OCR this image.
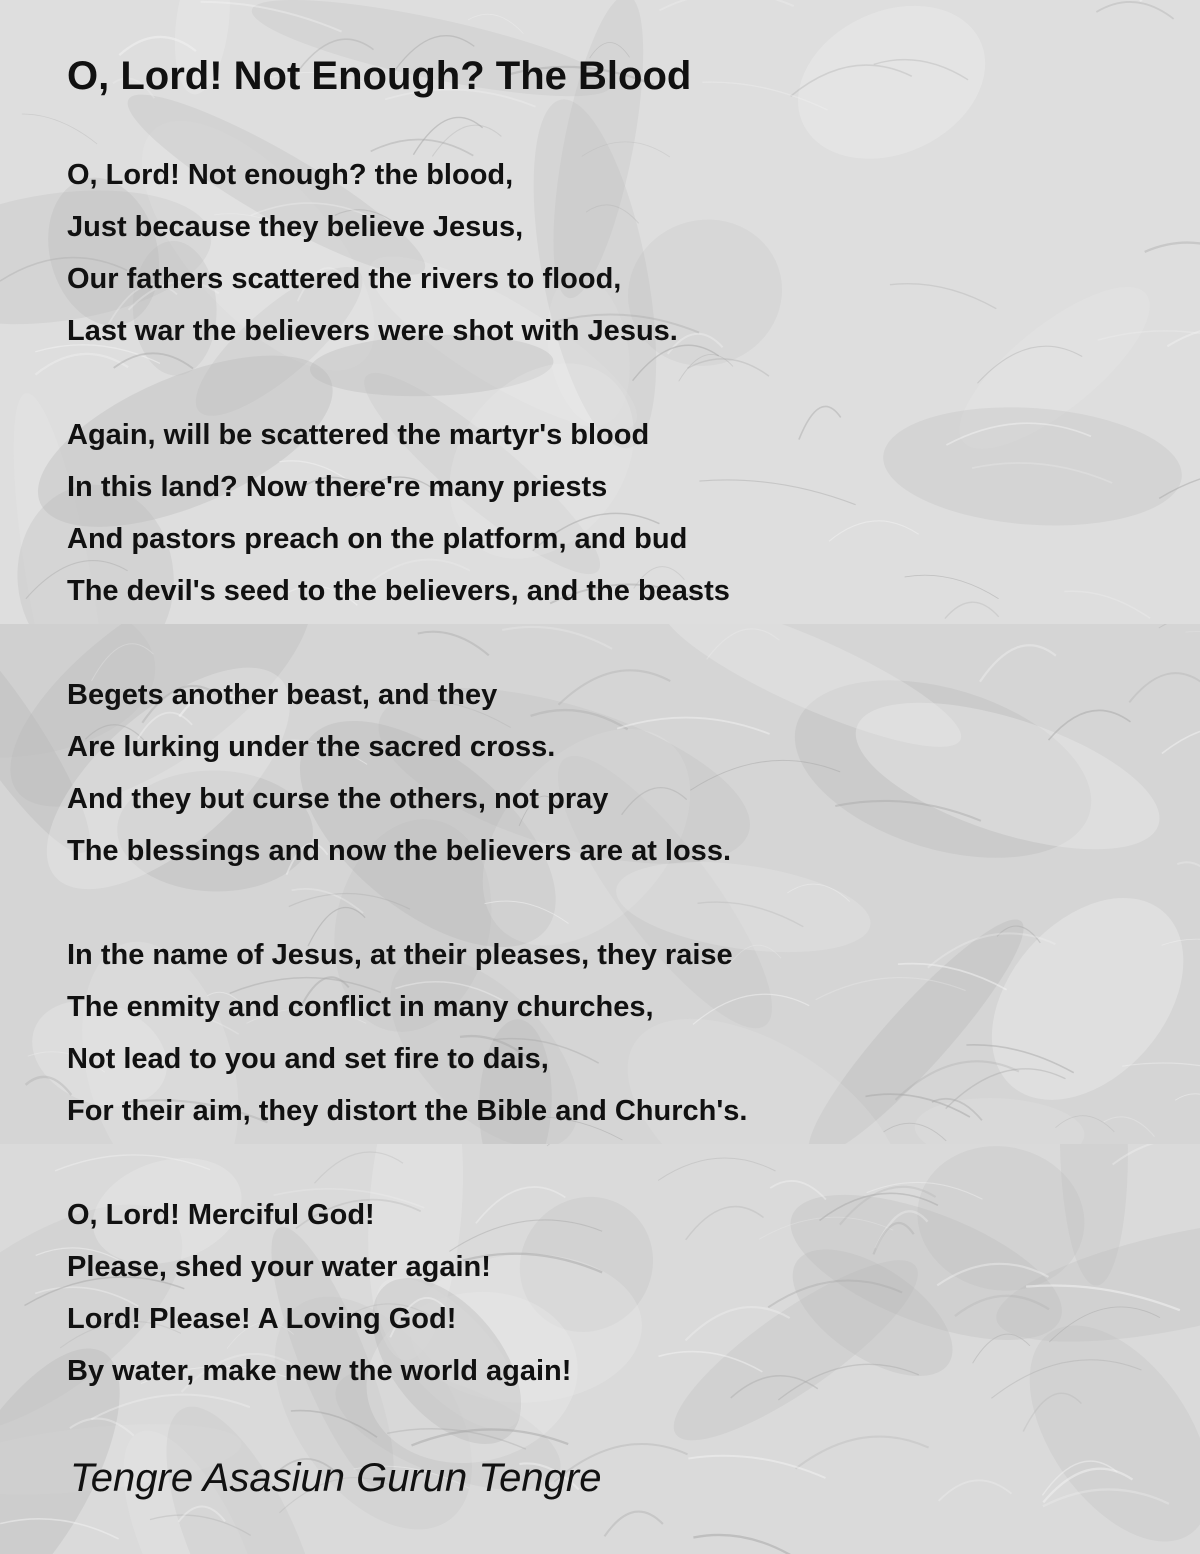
O, Lord! Not Enough? The Blood
O, Lord! Not enough? the blood,
Just because they believe Jesus,
Our fathers scattered the rivers to flood,
Last war the believers were shot with Jesus.
Again, will be scattered the martyr's blood
In this land? Now there're many priests
And pastors preach on the platform, and bud
The devil's seed to the believers, and the beasts
Begets another beast, and they
Are lurking under the sacred cross.
And they but curse the others, not pray
The blessings and now the believers are at loss.
In the name of Jesus, at their pleases, they raise
The enmity and conflict in many churches,
Not lead to you and set fire to dais,
For their aim, they distort the Bible and Church's.
O, Lord! Merciful God!
Please, shed your water again!
Lord! Please! A Loving God!
By water, make new the world again!

Tengre Asasiun Gurun Tengre
